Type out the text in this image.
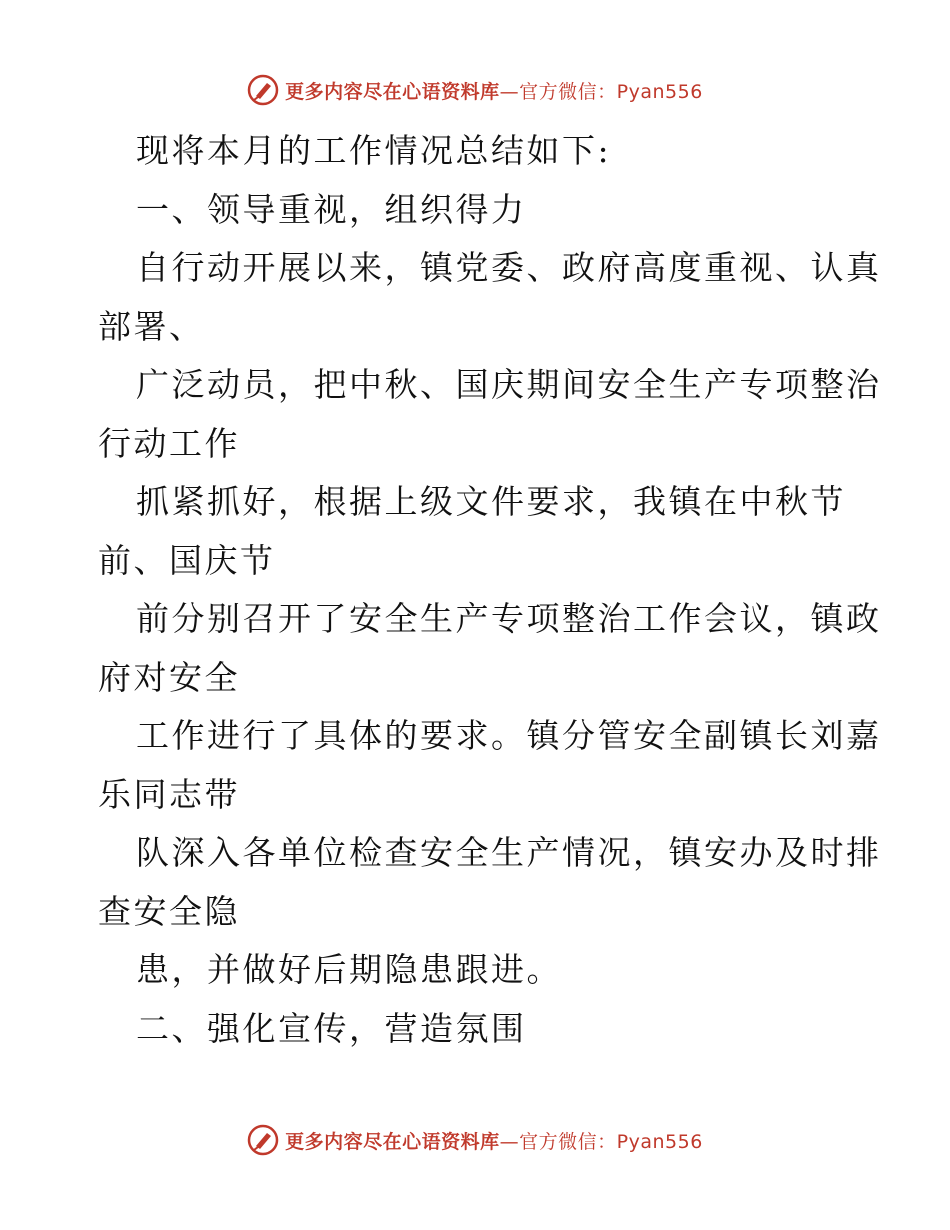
更多内容尽在心语资料库—官方微信：Pyan556
现将本月的工作情况总结如下:
一、领导重视，组织得力
自行动开展以来，镇党委、政府高度重视、认真
部署、
广泛动员，把中秋、国庆期间安全生产专项整治
行动工作
抓紧抓好，根据上级文件要求，我镇在中秋节
前、国庆节
前分别召开了安全生产专项整治工作会议，镇政
府对安全
工作进行了具体的要求。镇分管安全副镇长刘嘉
乐同志带
队深入各单位检查安全生产情况，镇安办及时排
查安全隐
患，并做好后期隐患跟进。
二、强化宣传，营造氛围
更多内容尽在心语资料库—官方微信：Pyan556
